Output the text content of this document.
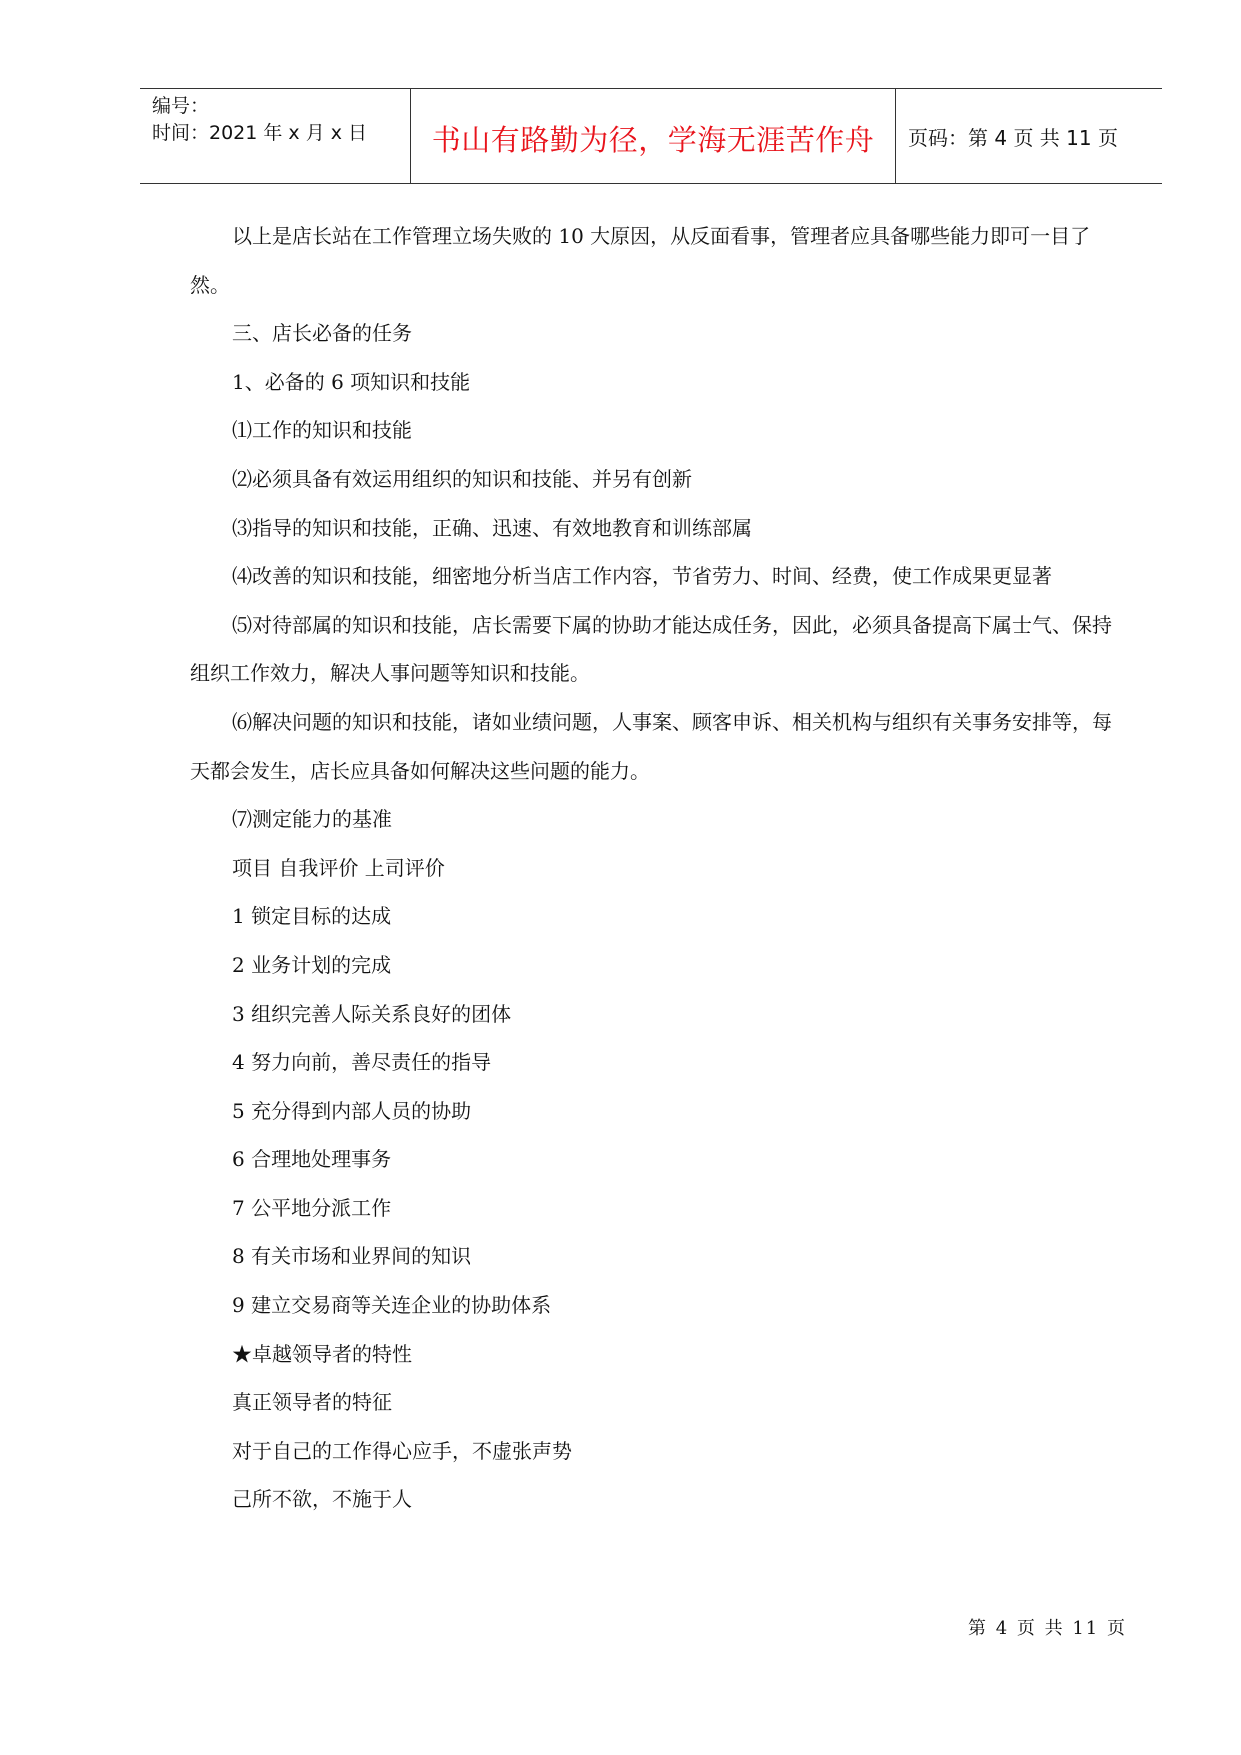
编号：
时间：2021 年 x 月 x 日	书山有路勤为径，学海无涯苦作舟	页码：第 4 页 共 11 页

以上是店长站在工作管理立场失败的 10 大原因，从反面看事，管理者应具备哪些能力即可一目了然。

三、店长必备的任务

1、必备的 6 项知识和技能

⑴工作的知识和技能

⑵必须具备有效运用组织的知识和技能、并另有创新

⑶指导的知识和技能，正确、迅速、有效地教育和训练部属

⑷改善的知识和技能，细密地分析当店工作内容，节省劳力、时间、经费，使工作成果更显著

⑸对待部属的知识和技能，店长需要下属的协助才能达成任务，因此，必须具备提高下属士气、保持组织工作效力，解决人事问题等知识和技能。

⑹解决问题的知识和技能，诸如业绩问题，人事案、顾客申诉、相关机构与组织有关事务安排等，每天都会发生，店长应具备如何解决这些问题的能力。

⑺测定能力的基准

项目 自我评价 上司评价

1 锁定目标的达成

2 业务计划的完成

3 组织完善人际关系良好的团体

4 努力向前，善尽责任的指导

5 充分得到内部人员的协助

6 合理地处理事务

7 公平地分派工作

8 有关市场和业界间的知识

9 建立交易商等关连企业的协助体系

★卓越领导者的特性

真正领导者的特征

对于自己的工作得心应手，不虚张声势

己所不欲，不施于人

第 4 页 共 11 页
